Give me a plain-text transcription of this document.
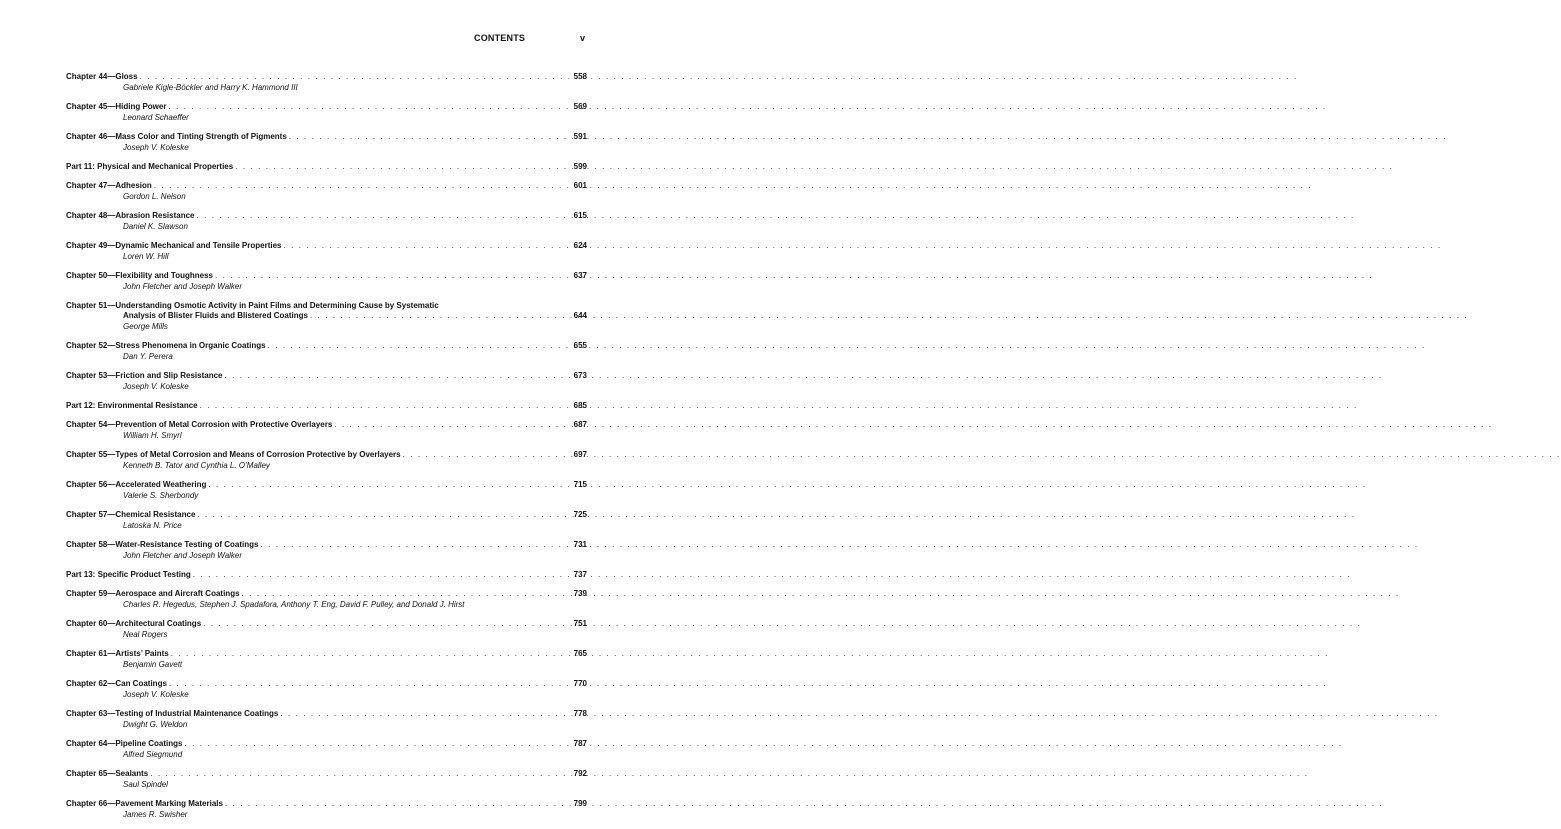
CONTENTS	v
Chapter 44—Gloss . . .	558
Gabriele Kigle-Böckler and Harry K. Hammond III
Chapter 45—Hiding Power . . .	569
Leonard Schaeffer
Chapter 46—Mass Color and Tinting Strength of Pigments . . .	591
Joseph V. Koleske
Part 11: Physical and Mechanical Properties . . .	599
Chapter 47—Adhesion . . .	601
Gordon L. Nelson
Chapter 48—Abrasion Resistance . . .	615
Daniel K. Slawson
Chapter 49—Dynamic Mechanical and Tensile Properties . . .	624
Loren W. Hill
Chapter 50—Flexibility and Toughness . . .	637
John Fletcher and Joseph Walker
Chapter 51—Understanding Osmotic Activity in Paint Films and Determining Cause by Systematic
Analysis of Blister Fluids and Blistered Coatings . . .	644
George Mills
Chapter 52—Stress Phenomena in Organic Coatings . . .	655
Dan Y. Perera
Chapter 53—Friction and Slip Resistance . . .	673
Joseph V. Koleske
Part 12: Environmental Resistance . . .	685
Chapter 54—Prevention of Metal Corrosion with Protective Overlayers . . .	687
William H. Smyrl
Chapter 55—Types of Metal Corrosion and Means of Corrosion Protective by Overlayers . . .	697
Kenneth B. Tator and Cynthia L. O’Malley
Chapter 56—Accelerated Weathering . . .	715
Valerie S. Sherbondy
Chapter 57—Chemical Resistance . . .	725
Latoska N. Price
Chapter 58—Water-Resistance Testing of Coatings . . .	731
John Fletcher and Joseph Walker
Part 13: Specific Product Testing . . .	737
Chapter 59—Aerospace and Aircraft Coatings . . .	739
Charles R. Hegedus, Stephen J. Spadafora, Anthony T. Eng, David F. Pulley, and Donald J. Hirst
Chapter 60—Architectural Coatings . . .	751
Neal Rogers
Chapter 61—Artists’ Paints . . .	765
Benjamin Gavett
Chapter 62—Can Coatings . . .	770
Joseph V. Koleske
Chapter 63—Testing of Industrial Maintenance Coatings . . .	778
Dwight G. Weldon
Chapter 64—Pipeline Coatings . . .	787
Alfred Siegmund
Chapter 65—Sealants . . .	792
Saul Spindel
Chapter 66—Pavement Marking Materials . . .	799
James R. Swisher
